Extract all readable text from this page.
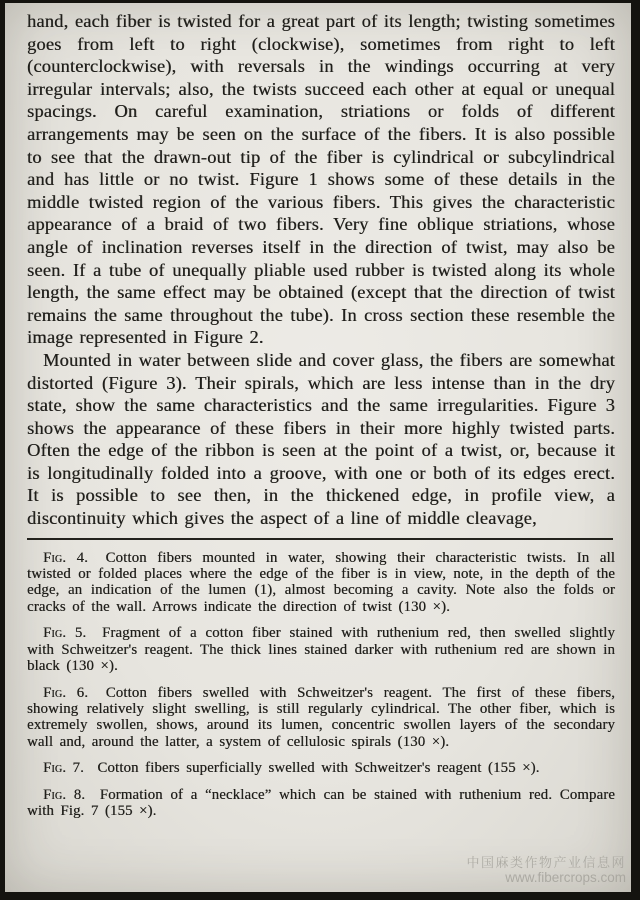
hand, each fiber is twisted for a great part of its length; twisting sometimes goes from left to right (clockwise), sometimes from right to left (counterclockwise), with reversals in the windings occurring at very irregular intervals; also, the twists succeed each other at equal or unequal spacings. On careful examination, striations or folds of different arrangements may be seen on the surface of the fibers. It is also possible to see that the drawn-out tip of the fiber is cylindrical or subcylindrical and has little or no twist. Figure 1 shows some of these details in the middle twisted region of the various fibers. This gives the characteristic appearance of a braid of two fibers. Very fine oblique striations, whose angle of inclination reverses itself in the direction of twist, may also be seen. If a tube of unequally pliable used rubber is twisted along its whole length, the same effect may be obtained (except that the direction of twist remains the same throughout the tube). In cross section these resemble the image represented in Figure 2.

Mounted in water between slide and cover glass, the fibers are somewhat distorted (Figure 3). Their spirals, which are less intense than in the dry state, show the same characteristics and the same irregularities. Figure 3 shows the appearance of these fibers in their more highly twisted parts. Often the edge of the ribbon is seen at the point of a twist, or, because it is longitudinally folded into a groove, with one or both of its edges erect. It is possible to see then, in the thickened edge, in profile view, a discontinuity which gives the aspect of a line of middle cleavage,

Fig. 4. Cotton fibers mounted in water, showing their characteristic twists. In all twisted or folded places where the edge of the fiber is in view, note, in the depth of the edge, an indication of the lumen (1), almost becoming a cavity. Note also the folds or cracks of the wall. Arrows indicate the direction of twist (130 ×).

Fig. 5. Fragment of a cotton fiber stained with ruthenium red, then swelled slightly with Schweitzer's reagent. The thick lines stained darker with ruthenium red are shown in black (130 ×).

Fig. 6. Cotton fibers swelled with Schweitzer's reagent. The first of these fibers, showing relatively slight swelling, is still regularly cylindrical. The other fiber, which is extremely swollen, shows, around its lumen, concentric swollen layers of the secondary wall and, around the latter, a system of cellulosic spirals (130 ×).

Fig. 7. Cotton fibers superficially swelled with Schweitzer's reagent (155 ×).

Fig. 8. Formation of a “necklace” which can be stained with ruthenium red. Compare with Fig. 7 (155 ×).

中国麻类作物产业信息网
www.fibercrops.com
